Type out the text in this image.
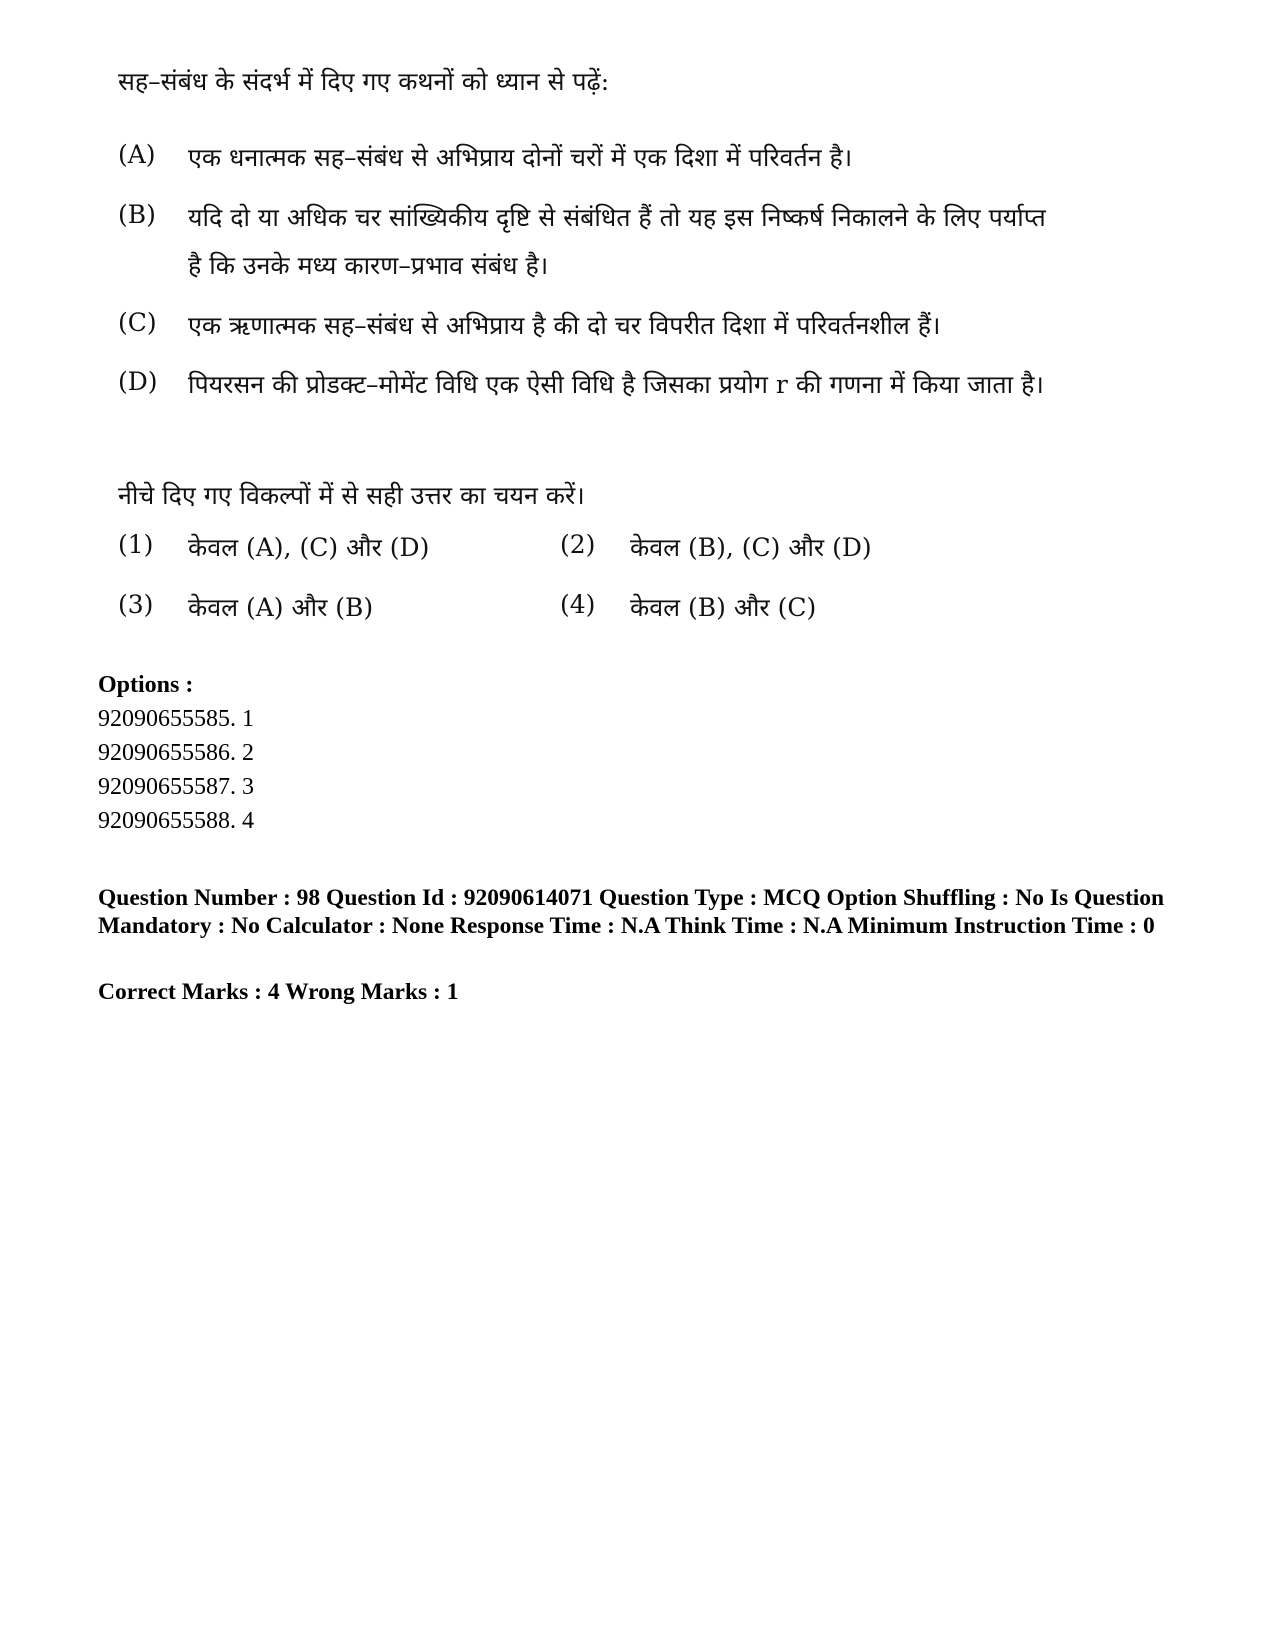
सह–संबंध के संदर्भ में दिए गए कथनों को ध्यान से पढ़ें:
(A) एक धनात्मक सह–संबंध से अभिप्राय दोनों चरों में एक दिशा में परिवर्तन है।
(B) यदि दो या अधिक चर सांख्यिकीय दृष्टि से संबंधित हैं तो यह इस निष्कर्ष निकालने के लिए पर्याप्त
है कि उनके मध्य कारण–प्रभाव संबंध है।
(C) एक ऋणात्मक सह–संबंध से अभिप्राय है की दो चर विपरीत दिशा में परिवर्तनशील हैं।
(D) पियरसन की प्रोडक्ट–मोमेंट विधि एक ऐसी विधि है जिसका प्रयोग r की गणना में किया जाता है।
नीचे दिए गए विकल्पों में से सही उत्तर का चयन करें।
(1) केवल (A), (C) और (D)	(2) केवल (B), (C) और (D)
(3) केवल (A) और (B)	(4) केवल (B) और (C)
Options :
92090655585. 1
92090655586. 2
92090655587. 3
92090655588. 4
Question Number : 98 Question Id : 92090614071 Question Type : MCQ Option Shuffling : No Is Question Mandatory : No Calculator : None Response Time : N.A Think Time : N.A Minimum Instruction Time : 0
Correct Marks : 4 Wrong Marks : 1
